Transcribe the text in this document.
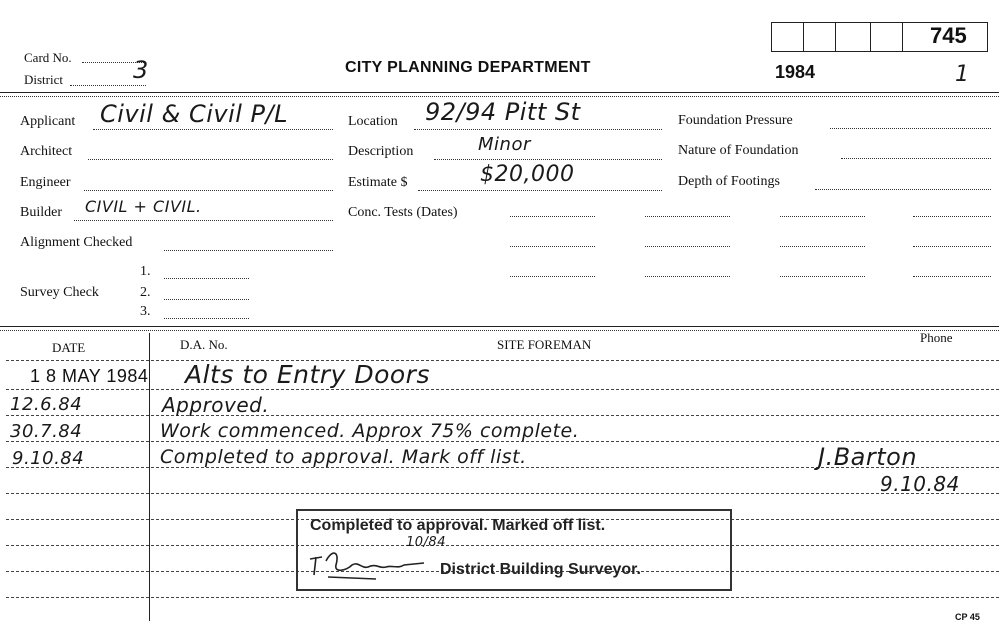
745
Card No.	3
District
CITY PLANNING DEPARTMENT	1984	1
Applicant Civil & Civil P/L
Architect
Engineer
Builder CIVIL + CIVIL.
Alignment Checked
Survey Check
1.
2.
3.
Location 92/94 Pitt St
Description	Minor
Estimate $	$20,000
Conc. Tests (Dates)
Foundation Pressure
Nature of Foundation
Depth of Footings
DATE	D.A. No.	SITE FOREMAN	Phone
1 8 MAY 1984 Alts to Entry Doors
12.6.84	Approved.
30.7.84	Work commenced. Approx 75% complete.
9.10.84	Completed to approval. Mark off list.	J.Barton
9.10.84
Completed to approval. Marked off list.
District Building Surveyor.
10/84
CP 45
